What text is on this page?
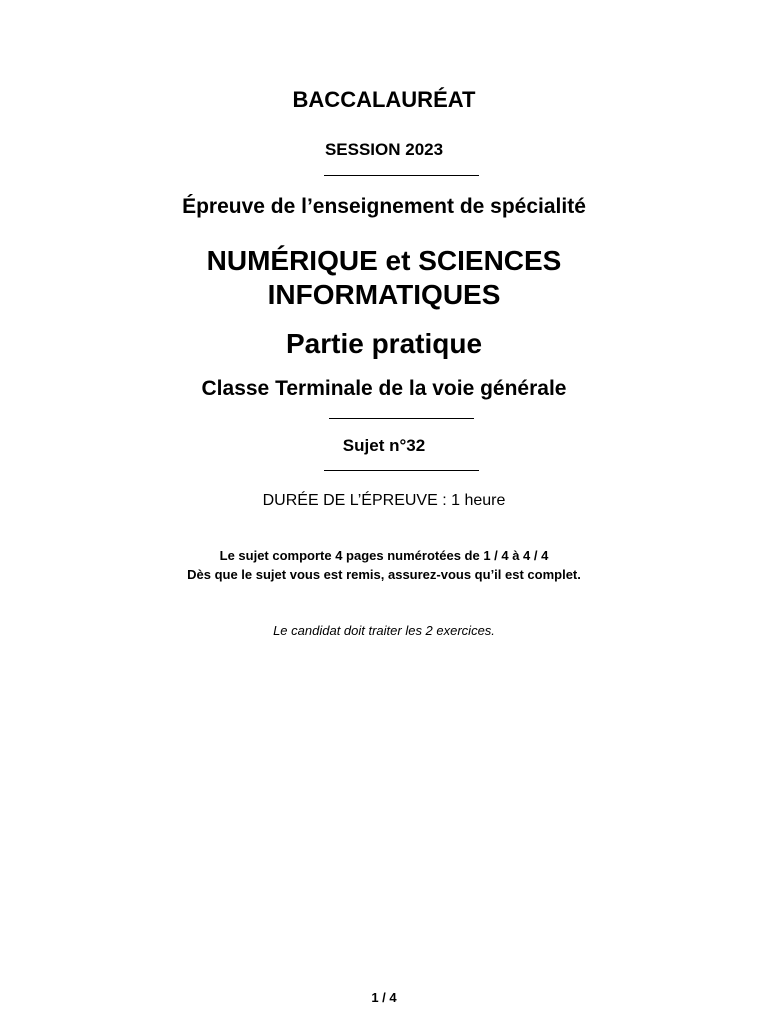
BACCALAURÉAT
SESSION 2023
Épreuve de l’enseignement de spécialité
NUMÉRIQUE et SCIENCES
INFORMATIQUES
Partie pratique
Classe Terminale de la voie générale
Sujet n°32
DURÉE DE L’ÉPREUVE : 1 heure
Le sujet comporte 4 pages numérotées de 1 / 4 à 4 / 4
Dès que le sujet vous est remis, assurez-vous qu’il est complet.
Le candidat doit traiter les 2 exercices.
1 / 4
